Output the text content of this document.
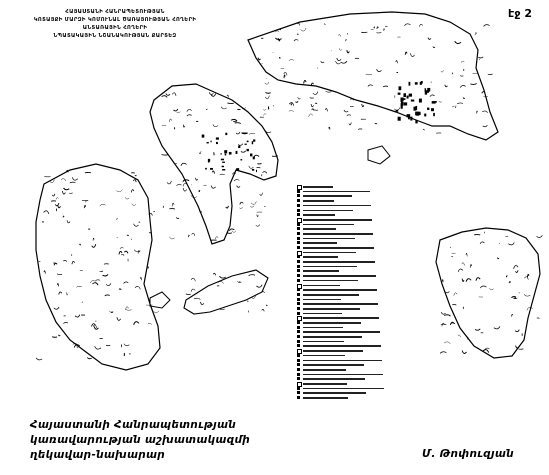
ՀԱՅԱՍՏԱՆԻ ՀԱՆՐԱՊԵՏՈՒԹՅԱՆ
ԿՈՏԱՅՔԻ ՄԱՐԶԻ ԿՈՄՈՒՆԱԼ ԾԱՌԱՅՈՒԹՅԱՆ ՀՈՂԵՐԻ
ԱՆՏԱՌԱՅԻՆ ՀՈՂԵՐԻ
ՆՊԱՏԱԿԱՅԻՆ ՆՇԱՆԱԿՈՒԹՅԱՆ ՔԱՐՏԵԶ
էջ 2
Հայաստանի Հանրապետության
կառավարության աշխատակազմի
ղեկավար-նախարար	Մ. Թոփուզյան
